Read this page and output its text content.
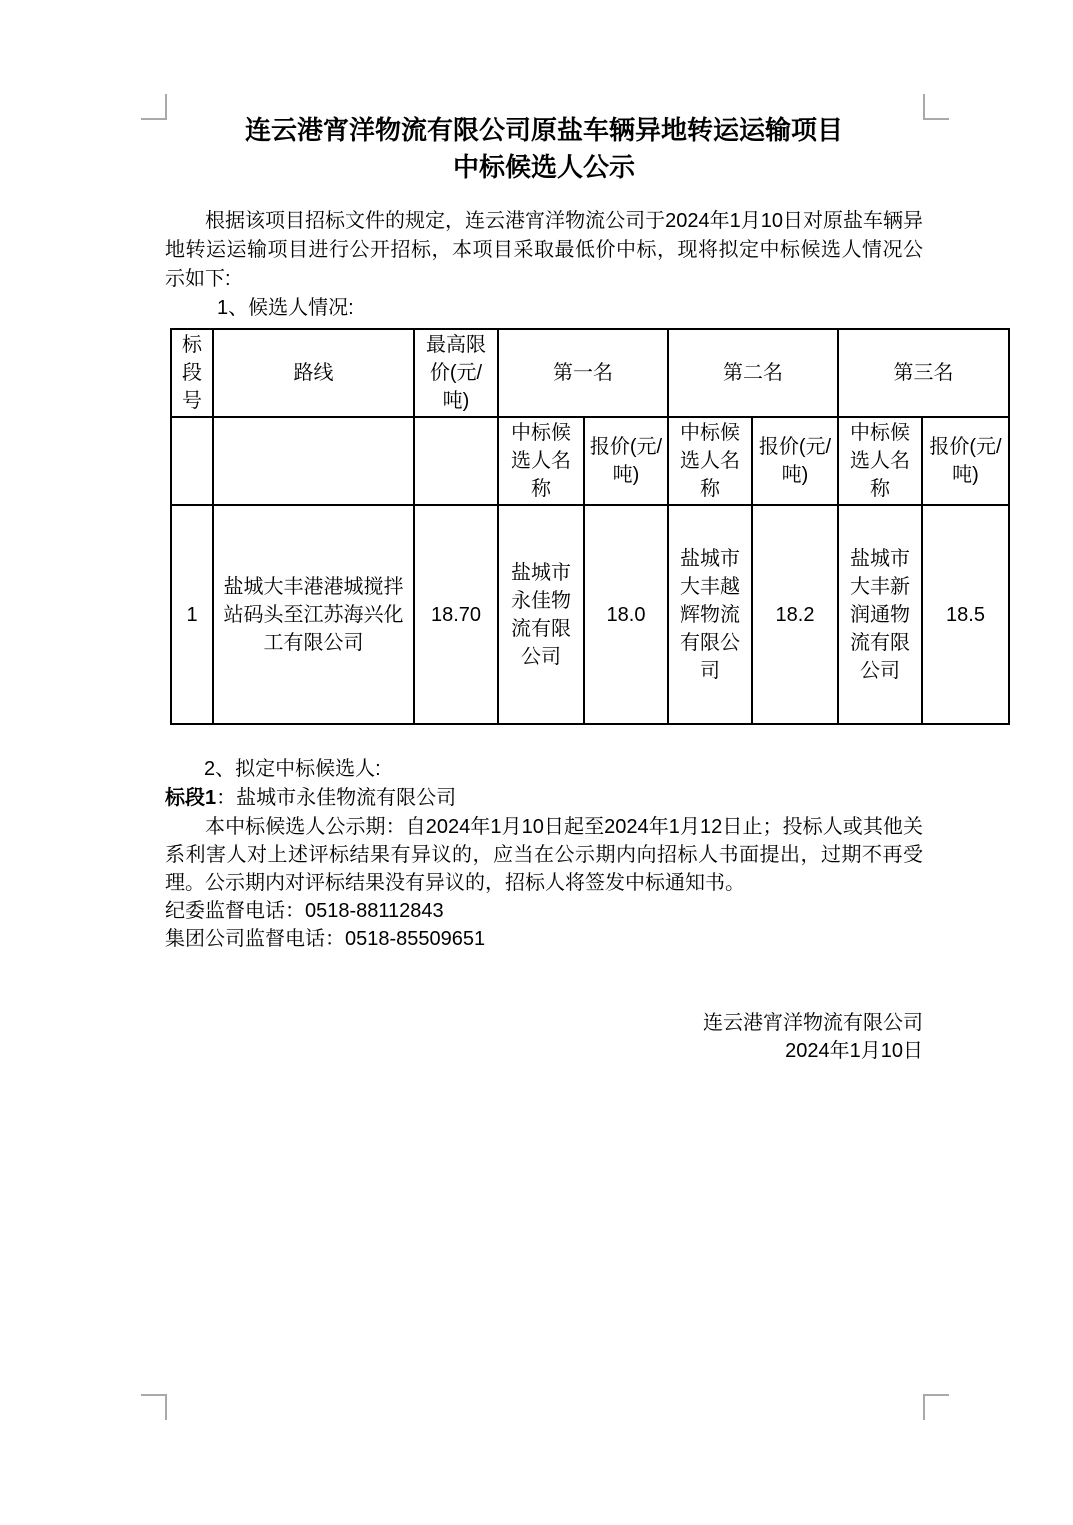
连云港宵洋物流有限公司原盐车辆异地转运运输项目
中标候选人公示

根据该项目招标文件的规定，连云港宵洋物流公司于2024年1月10日对原盐车辆异地转运运输项目进行公开招标，本项目采取最低价中标，现将拟定中标候选人情况公示如下:

1、候选人情况:

标段号	路线	最高限价(元/吨)	第一名		第二名		第三名	
			中标候选人名称	报价(元/吨)	中标候选人名称	报价(元/吨)	中标候选人名称	报价(元/吨)
1	盐城大丰港港城搅拌站码头至江苏海兴化工有限公司	18.70	盐城市永佳物流有限公司	18.0	盐城市大丰越辉物流有限公司	18.2	盐城市大丰新润通物流有限公司	18.5

2、拟定中标候选人:

标段1：盐城市永佳物流有限公司

本中标候选人公示期：自2024年1月10日起至2024年1月12日止；投标人或其他关系利害人对上述评标结果有异议的，应当在公示期内向招标人书面提出，过期不再受理。公示期内对评标结果没有异议的，招标人将签发中标通知书。

纪委监督电话：0518-88112843

集团公司监督电话：0518-85509651

连云港宵洋物流有限公司

2024年1月10日
